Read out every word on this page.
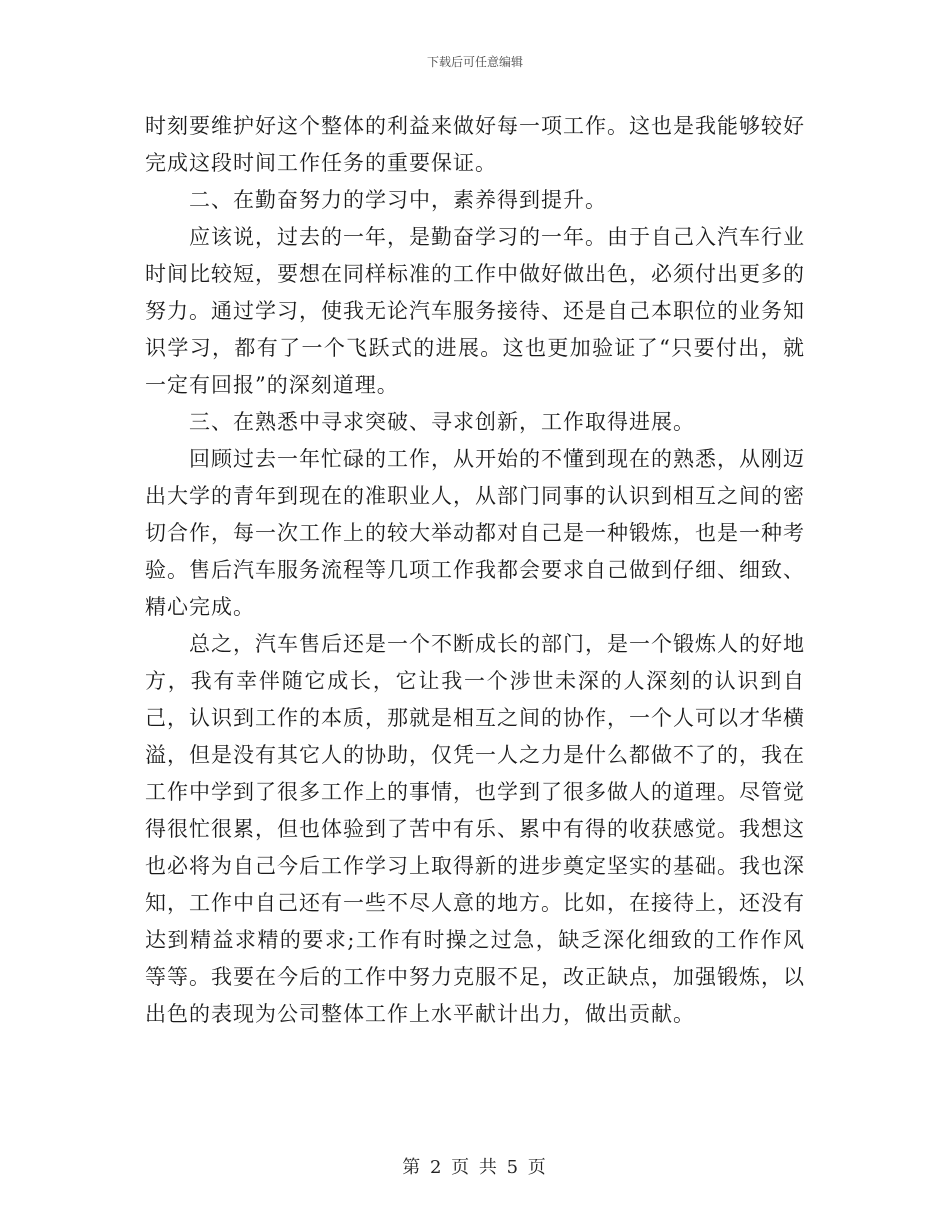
下载后可任意编辑

时刻要维护好这个整体的利益来做好每一项工作。这也是我能够较好完成这段时间工作任务的重要保证。

二、在勤奋努力的学习中，素养得到提升。

应该说，过去的一年，是勤奋学习的一年。由于自己入汽车行业时间比较短，要想在同样标准的工作中做好做出色，必须付出更多的努力。通过学习，使我无论汽车服务接待、还是自己本职位的业务知识学习，都有了一个飞跃式的进展。这也更加验证了“只要付出，就一定有回报”的深刻道理。

三、在熟悉中寻求突破、寻求创新，工作取得进展。

回顾过去一年忙碌的工作，从开始的不懂到现在的熟悉，从刚迈出大学的青年到现在的准职业人，从部门同事的认识到相互之间的密切合作，每一次工作上的较大举动都对自己是一种锻炼，也是一种考验。售后汽车服务流程等几项工作我都会要求自己做到仔细、细致、精心完成。

总之，汽车售后还是一个不断成长的部门，是一个锻炼人的好地方，我有幸伴随它成长，它让我一个涉世未深的人深刻的认识到自己，认识到工作的本质，那就是相互之间的协作，一个人可以才华横溢，但是没有其它人的协助，仅凭一人之力是什么都做不了的，我在工作中学到了很多工作上的事情，也学到了很多做人的道理。尽管觉得很忙很累，但也体验到了苦中有乐、累中有得的收获感觉。我想这也必将为自己今后工作学习上取得新的进步奠定坚实的基础。我也深知，工作中自己还有一些不尽人意的地方。比如，在接待上，还没有达到精益求精的要求;工作有时操之过急，缺乏深化细致的工作作风等等。我要在今后的工作中努力克服不足，改正缺点，加强锻炼，以出色的表现为公司整体工作上水平献计出力，做出贡献。

第 2 页 共 5 页
